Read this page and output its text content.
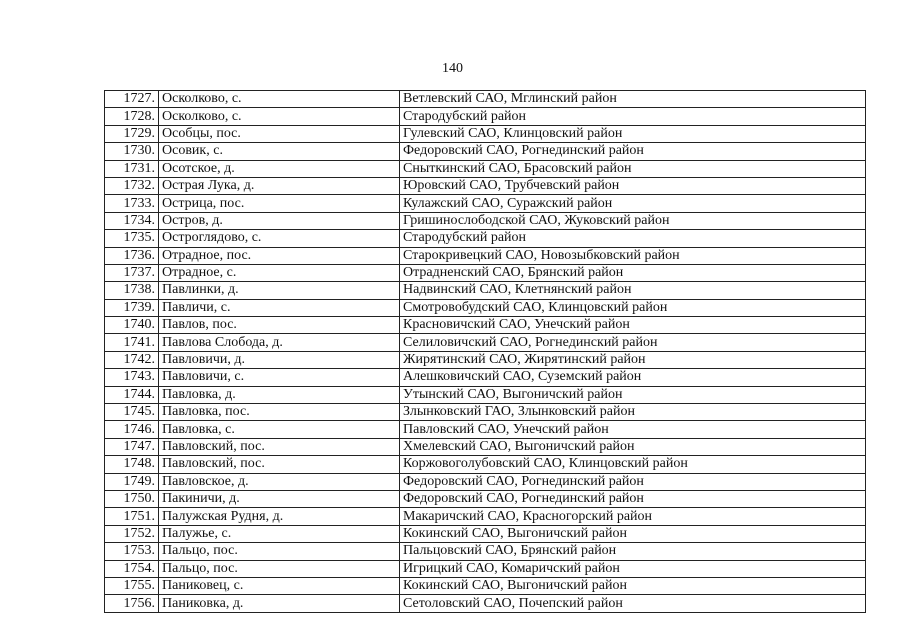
140
1727.	Осколково, с.	Ветлевский САО, Мглинский район
1728.	Осколково, с.	Стародубский район
1729.	Особцы, пос.	Гулевский САО, Клинцовский район
1730.	Осовик, с.	Федоровский САО, Рогнединский район
1731.	Осотское, д.	Сныткинский САО, Брасовский район
1732.	Острая Лука, д.	Юровский САО, Трубчевский район
1733.	Острица, пос.	Кулажский САО, Суражский район
1734.	Остров, д.	Гришинослободской САО, Жуковский район
1735.	Остроглядово, с.	Стародубский район
1736.	Отрадное, пос.	Старокривецкий САО, Новозыбковский район
1737.	Отрадное, с.	Отрадненский САО, Брянский район
1738.	Павлинки, д.	Надвинский САО, Клетнянский район
1739.	Павличи, с.	Смотровобудский САО, Клинцовский район
1740.	Павлов, пос.	Красновичский САО, Унечский район
1741.	Павлова Слобода, д.	Селиловичский САО, Рогнединский район
1742.	Павловичи, д.	Жирятинский САО, Жирятинский район
1743.	Павловичи, с.	Алешковичский САО, Суземский район
1744.	Павловка, д.	Утынский САО, Выгоничский район
1745.	Павловка, пос.	Злынковский ГАО, Злынковский район
1746.	Павловка, с.	Павловский САО, Унечский район
1747.	Павловский, пос.	Хмелевский САО, Выгоничский район
1748.	Павловский, пос.	Коржовоголубовский САО, Клинцовский район
1749.	Павловское, д.	Федоровский САО, Рогнединский район
1750.	Пакиничи, д.	Федоровский САО, Рогнединский район
1751.	Палужская Рудня, д.	Макаричский САО, Красногорский район
1752.	Палужье, с.	Кокинский САО, Выгоничский район
1753.	Пальцо, пос.	Пальцовский САО, Брянский район
1754.	Пальцо, пос.	Игрицкий САО, Комаричский район
1755.	Паниковец, с.	Кокинский САО, Выгоничский район
1756.	Паниковка, д.	Сетоловский САО, Почепский район
